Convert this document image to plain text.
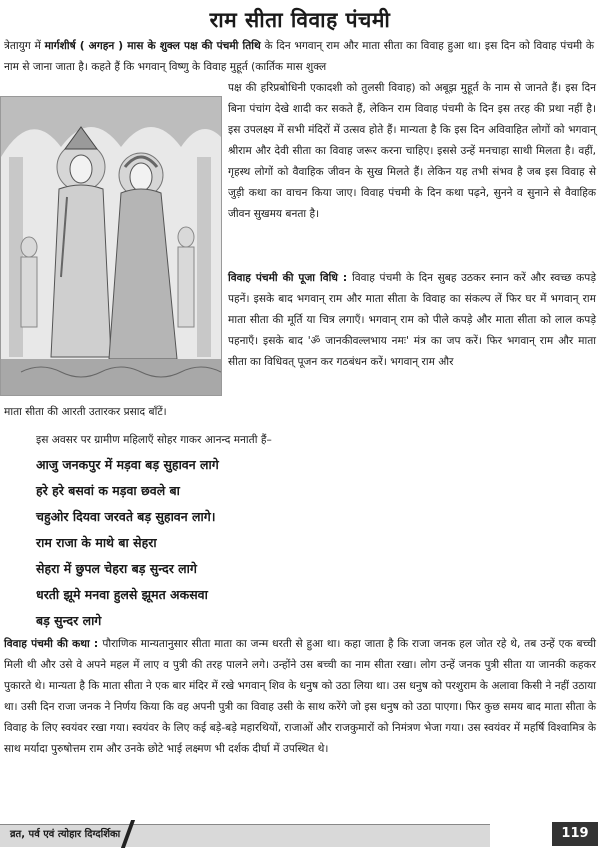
राम सीता विवाह पंचमी
त्रेतायुग में मार्गशीर्ष ( अगहन ) मास के शुक्ल पक्ष की पंचमी तिथि के दिन भगवान् राम और माता सीता का विवाह हुआ था। इस दिन को विवाह पंचमी के नाम से जाना जाता है। कहते हैं कि भगवान् विष्णु के विवाह मुहूर्त (कार्तिक मास शुक्ल
पक्ष की हरिप्रबोधिनी एकादशी को तुलसी विवाह) को अबूझ मुहूर्त के नाम से जानते हैं। इस दिन बिना पंचांग देखे शादी कर सकते हैं, लेकिन राम विवाह पंचमी के दिन इस तरह की प्रथा नहीं है। इस उपलक्ष्य में सभी मंदिरों में उत्सव होते हैं। मान्यता है कि इस दिन अविवाहित लोगों को भगवान् श्रीराम और देवी सीता का विवाह जरूर करना चाहिए। इससे उन्हें मनचाहा साथी मिलता है। वहीं, गृहस्थ लोगों को वैवाहिक जीवन के सुख मिलते हैं। लेकिन यह तभी संभव है जब इस विवाह से जुड़ी कथा का वाचन किया जाए। विवाह पंचमी के दिन कथा पढ़ने, सुनने व सुनाने से वैवाहिक जीवन सुखमय बनता है।
विवाह पंचमी की पूजा विधि : विवाह पंचमी के दिन सुबह उठकर स्नान करें और स्वच्छ कपड़े पहनें। इसके बाद भगवान् राम और माता सीता के विवाह का संकल्प लें फिर घर में भगवान् राम माता सीता की मूर्ति या चित्र लगाएँ। भगवान् राम को पीले कपड़े और माता सीता को लाल कपड़े पहनाएँ। इसके बाद 'ॐ जानकीवल्लभाय नमः' मंत्र का जप करें। फिर भगवान् राम और माता सीता का विधिवत् पूजन कर गठबंधन करें। भगवान् राम और
माता सीता की आरती उतारकर प्रसाद बाँटें।
इस अवसर पर ग्रामीण महिलाएँ सोहर गाकर आनन्द मनाती हैं–
आजु जनकपुर में मड़वा बड़ सुहावन लागे
हरे हरे बसवां क मड़वा छवले बा
चहुओर दियवा जरवते बड़ सुहावन लागे।
राम राजा के माथे बा सेहरा
सेहरा में छुपल चेहरा बड़ सुन्दर लागे
धरती झूमे मनवा हुलसे झूमत अकसवा
बड़ सुन्दर लागे
विवाह पंचमी की कथा : पौराणिक मान्यतानुसार सीता माता का जन्म धरती से हुआ था। कहा जाता है कि राजा जनक हल जोत रहे थे, तब उन्हें एक बच्ची मिली थी और उसे वे अपने महल में लाए व पुत्री की तरह पालने लगे। उन्होंने उस बच्ची का नाम सीता रखा। लोग उन्हें जनक पुत्री सीता या जानकी कहकर पुकारते थे। मान्यता है कि माता सीता ने एक बार मंदिर में रखे भगवान् शिव के धनुष को उठा लिया था। उस धनुष को परशुराम के अलावा किसी ने नहीं उठाया था। उसी दिन राजा जनक ने निर्णय किया कि वह अपनी पुत्री का विवाह उसी के साथ करेंगे जो इस धनुष को उठा पाएगा। फिर कुछ समय बाद माता सीता के विवाह के लिए स्वयंवर रखा गया। स्वयंवर के लिए कई बड़े-बड़े महारथियों, राजाओं और राजकुमारों को निमंत्रण भेजा गया। उस स्वयंवर में महर्षि विश्वामित्र के साथ मर्यादा पुरुषोत्तम राम और उनके छोटे भाई लक्ष्मण भी दर्शक दीर्घा में उपस्थित थे।
व्रत, पर्व एवं त्योहार दिग्दर्शिका	119
